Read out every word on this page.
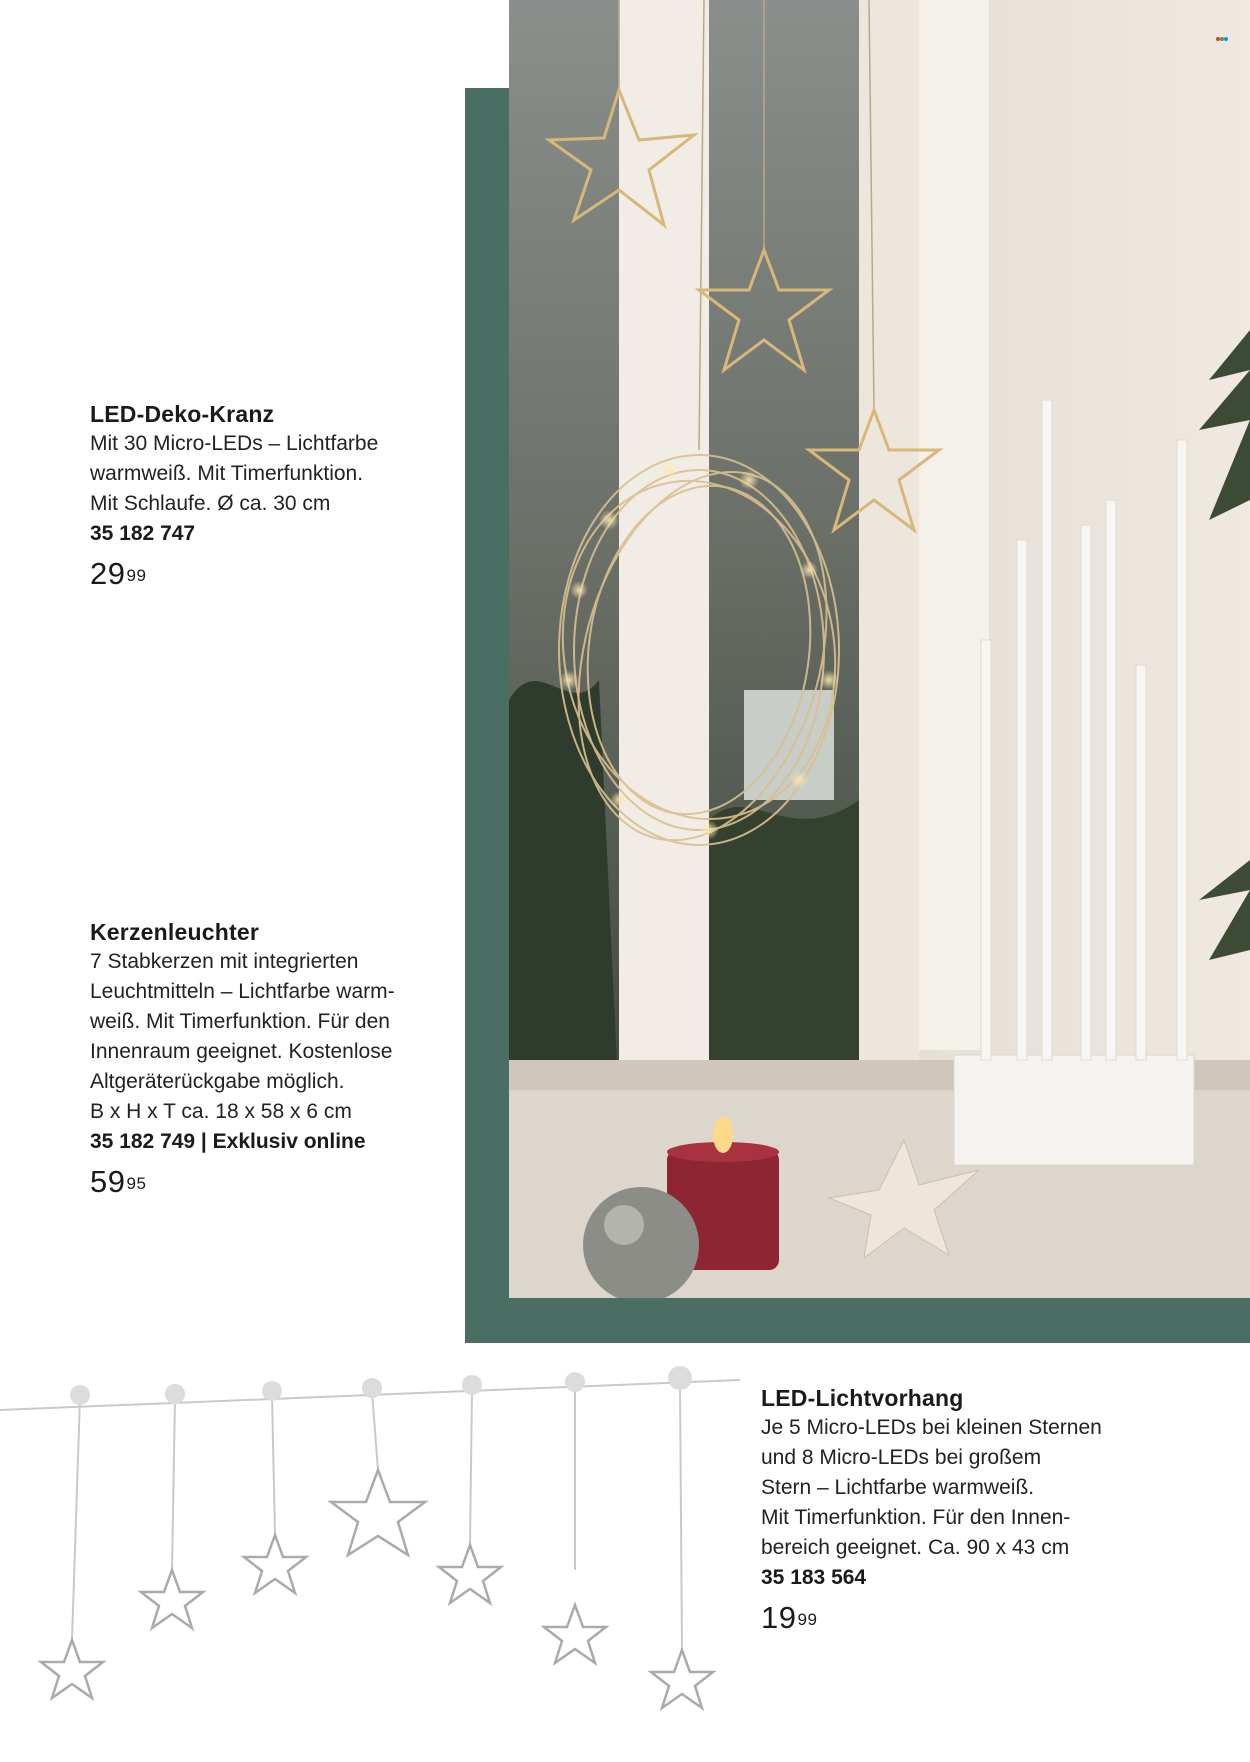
LED-Deko-Kranz
Mit 30 Micro-LEDs – Lichtfarbe
warmweiß. Mit Timerfunktion.
Mit Schlaufe. Ø ca. 30 cm
35 182 747
$29^{99}$
Kerzenleuchter
7 Stabkerzen mit integrierten
Leuchtmitteln – Lichtfarbe warm-
weiß. Mit Timerfunktion. Für den
Innenraum geeignet. Kostenlose
Altgeräterückgabe möglich.
B x H x T ca. 18 x 58 x 6 cm
35 182 749 | Exklusiv online
$59^{95}$
LED-Lichtvorhang
Je 5 Micro-LEDs bei kleinen Sternen
und 8 Micro-LEDs bei großem
Stern – Lichtfarbe warmweiß.
Mit Timerfunktion. Für den Innen-
bereich geeignet. Ca. 90 x 43 cm
35 183 564
$19^{99}$
